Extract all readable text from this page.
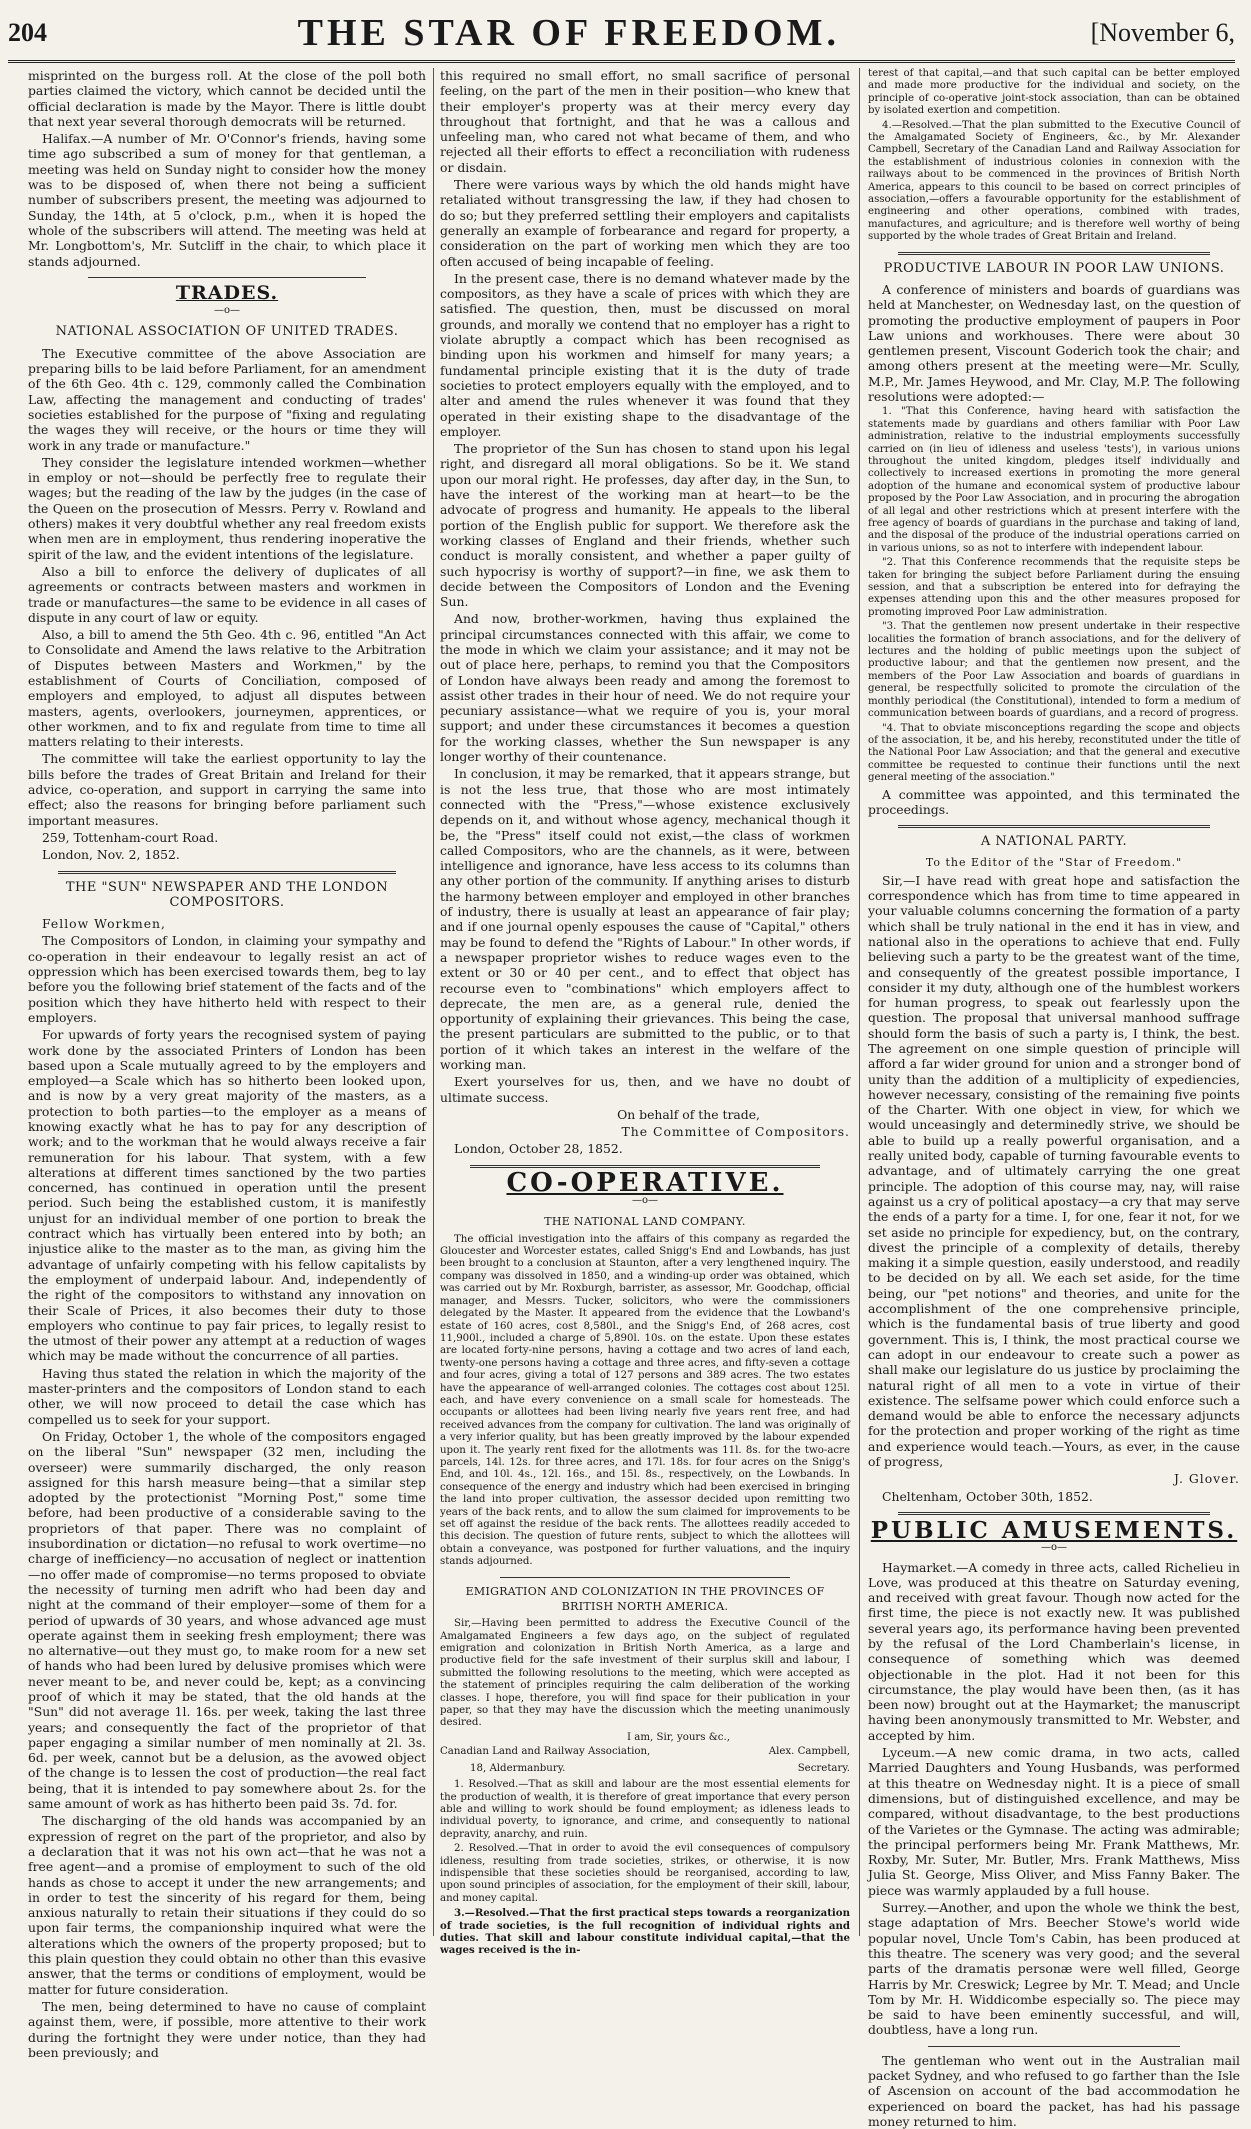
204	THE STAR OF FREEDOM.	[November 6,

misprinted on the burgess roll. At the close of the poll both parties claimed the victory, which cannot be decided until the official declaration is made by the Mayor. There is little doubt that next year several thorough democrats will be returned.

Halifax.—A number of Mr. O'Connor's friends, having some time ago subscribed a sum of money for that gentleman, a meeting was held on Sunday night to consider how the money was to be disposed of, when there not being a sufficient number of subscribers present, the meeting was adjourned to Sunday, the 14th, at 5 o'clock, p.m., when it is hoped the whole of the subscribers will attend. The meeting was held at Mr. Longbottom's, Mr. Sutcliff in the chair, to which place it stands adjourned.

TRADES.
—o—
NATIONAL ASSOCIATION OF UNITED TRADES.

The Executive committee of the above Association are preparing bills to be laid before Parliament, for an amendment of the 6th Geo. 4th c. 129, commonly called the Combination Law, affecting the management and conducting of trades' societies established for the purpose of "fixing and regulating the wages they will receive, or the hours or time they will work in any trade or manufacture."

They consider the legislature intended workmen—whether in employ or not—should be perfectly free to regulate their wages; but the reading of the law by the judges (in the case of the Queen on the prosecution of Messrs. Perry v. Rowland and others) makes it very doubtful whether any real freedom exists when men are in employment, thus rendering inoperative the spirit of the law, and the evident intentions of the legislature.

Also a bill to enforce the delivery of duplicates of all agreements or contracts between masters and workmen in trade or manufactures—the same to be evidence in all cases of dispute in any court of law or equity.

Also, a bill to amend the 5th Geo. 4th c. 96, entitled "An Act to Consolidate and Amend the laws relative to the Arbitration of Disputes between Masters and Workmen," by the establishment of Courts of Conciliation, composed of employers and employed, to adjust all disputes between masters, agents, overlookers, journeymen, apprentices, or other workmen, and to fix and regulate from time to time all matters relating to their interests.

The committee will take the earliest opportunity to lay the bills before the trades of Great Britain and Ireland for their advice, co-operation, and support in carrying the same into effect; also the reasons for bringing before parliament such important measures.

259, Tottenham-court Road.

London, Nov. 2, 1852.

THE "SUN" NEWSPAPER AND THE LONDON COMPOSITORS.

Fellow Workmen,

The Compositors of London, in claiming your sympathy and co-operation in their endeavour to legally resist an act of oppression which has been exercised towards them, beg to lay before you the following brief statement of the facts and of the position which they have hitherto held with respect to their employers.

For upwards of forty years the recognised system of paying work done by the associated Printers of London has been based upon a Scale mutually agreed to by the employers and employed—a Scale which has so hitherto been looked upon, and is now by a very great majority of the masters, as a protection to both parties—to the employer as a means of knowing exactly what he has to pay for any description of work; and to the workman that he would always receive a fair remuneration for his labour. That system, with a few alterations at different times sanctioned by the two parties concerned, has continued in operation until the present period. Such being the established custom, it is manifestly unjust for an individual member of one portion to break the contract which has virtually been entered into by both; an injustice alike to the master as to the man, as giving him the advantage of unfairly competing with his fellow capitalists by the employment of underpaid labour. And, independently of the right of the compositors to withstand any innovation on their Scale of Prices, it also becomes their duty to those employers who continue to pay fair prices, to legally resist to the utmost of their power any attempt at a reduction of wages which may be made without the concurrence of all parties.

Having thus stated the relation in which the majority of the master-printers and the compositors of London stand to each other, we will now proceed to detail the case which has compelled us to seek for your support.

On Friday, October 1, the whole of the compositors engaged on the liberal "Sun" newspaper (32 men, including the overseer) were summarily discharged, the only reason assigned for this harsh measure being—that a similar step adopted by the protectionist "Morning Post," some time before, had been productive of a considerable saving to the proprietors of that paper. There was no complaint of insubordination or dictation—no refusal to work overtime—no charge of inefficiency—no accusation of neglect or inattention—no offer made of compromise—no terms proposed to obviate the necessity of turning men adrift who had been day and night at the command of their employer—some of them for a period of upwards of 30 years, and whose advanced age must operate against them in seeking fresh employment; there was no alternative—out they must go, to make room for a new set of hands who had been lured by delusive promises which were never meant to be, and never could be, kept; as a convincing proof of which it may be stated, that the old hands at the "Sun" did not average 1l. 16s. per week, taking the last three years; and consequently the fact of the proprietor of that paper engaging a similar number of men nominally at 2l. 3s. 6d. per week, cannot but be a delusion, as the avowed object of the change is to lessen the cost of production—the real fact being, that it is intended to pay somewhere about 2s. for the same amount of work as has hitherto been paid 3s. 7d. for.

The discharging of the old hands was accompanied by an expression of regret on the part of the proprietor, and also by a declaration that it was not his own act—that he was not a free agent—and a promise of employment to such of the old hands as chose to accept it under the new arrangements; and in order to test the sincerity of his regard for them, being anxious naturally to retain their situations if they could do so upon fair terms, the companionship inquired what were the alterations which the owners of the property proposed; but to this plain question they could obtain no other than this evasive answer, that the terms or conditions of employment, would be matter for future consideration.

The men, being determined to have no cause of complaint against them, were, if possible, more attentive to their work during the fortnight they were under notice, than they had been previously; and

this required no small effort, no small sacrifice of personal feeling, on the part of the men in their position—who knew that their employer's property was at their mercy every day throughout that fortnight, and that he was a callous and unfeeling man, who cared not what became of them, and who rejected all their efforts to effect a reconciliation with rudeness or disdain.

There were various ways by which the old hands might have retaliated without transgressing the law, if they had chosen to do so; but they preferred settling their employers and capitalists generally an example of forbearance and regard for property, a consideration on the part of working men which they are too often accused of being incapable of feeling.

In the present case, there is no demand whatever made by the compositors, as they have a scale of prices with which they are satisfied. The question, then, must be discussed on moral grounds, and morally we contend that no employer has a right to violate abruptly a compact which has been recognised as binding upon his workmen and himself for many years; a fundamental principle existing that it is the duty of trade societies to protect employers equally with the employed, and to alter and amend the rules whenever it was found that they operated in their existing shape to the disadvantage of the employer.

The proprietor of the Sun has chosen to stand upon his legal right, and disregard all moral obligations. So be it. We stand upon our moral right. He professes, day after day, in the Sun, to have the interest of the working man at heart—to be the advocate of progress and humanity. He appeals to the liberal portion of the English public for support. We therefore ask the working classes of England and their friends, whether such conduct is morally consistent, and whether a paper guilty of such hypocrisy is worthy of support?—in fine, we ask them to decide between the Compositors of London and the Evening Sun.

And now, brother-workmen, having thus explained the principal circumstances connected with this affair, we come to the mode in which we claim your assistance; and it may not be out of place here, perhaps, to remind you that the Compositors of London have always been ready and among the foremost to assist other trades in their hour of need. We do not require your pecuniary assistance—what we require of you is, your moral support; and under these circumstances it becomes a question for the working classes, whether the Sun newspaper is any longer worthy of their countenance.

In conclusion, it may be remarked, that it appears strange, but is not the less true, that those who are most intimately connected with the "Press,"—whose existence exclusively depends on it, and without whose agency, mechanical though it be, the "Press" itself could not exist,—the class of workmen called Compositors, who are the channels, as it were, between intelligence and ignorance, have less access to its columns than any other portion of the community. If anything arises to disturb the harmony between employer and employed in other branches of industry, there is usually at least an appearance of fair play; and if one journal openly espouses the cause of "Capital," others may be found to defend the "Rights of Labour." In other words, if a newspaper proprietor wishes to reduce wages even to the extent or 30 or 40 per cent., and to effect that object has recourse even to "combinations" which employers affect to deprecate, the men are, as a general rule, denied the opportunity of explaining their grievances. This being the case, the present particulars are submitted to the public, or to that portion of it which takes an interest in the welfare of the working man.

Exert yourselves for us, then, and we have no doubt of ultimate success.

On behalf of the trade,

The Committee of Compositors.

London, October 28, 1852.

CO-OPERATIVE.
—o—
THE NATIONAL LAND COMPANY.

The official investigation into the affairs of this company as regarded the Gloucester and Worcester estates, called Snigg's End and Lowbands, has just been brought to a conclusion at Staunton, after a very lengthened inquiry. The company was dissolved in 1850, and a winding-up order was obtained, which was carried out by Mr. Roxburgh, barrister, as assessor, Mr. Goodchap, official manager, and Messrs. Tucker, solicitors, who were the commissioners delegated by the Master. It appeared from the evidence that the Lowband's estate of 160 acres, cost 8,580l., and the Snigg's End, of 268 acres, cost 11,900l., included a charge of 5,890l. 10s. on the estate. Upon these estates are located forty-nine persons, having a cottage and two acres of land each, twenty-one persons having a cottage and three acres, and fifty-seven a cottage and four acres, giving a total of 127 persons and 389 acres. The two estates have the appearance of well-arranged colonies. The cottages cost about 125l. each, and have every convenience on a small scale for homesteads. The occupants or allottees had been living nearly five years rent free, and had received advances from the company for cultivation. The land was originally of a very inferior quality, but has been greatly improved by the labour expended upon it. The yearly rent fixed for the allotments was 11l. 8s. for the two-acre parcels, 14l. 12s. for three acres, and 17l. 18s. for four acres on the Snigg's End, and 10l. 4s., 12l. 16s., and 15l. 8s., respectively, on the Lowbands. In consequence of the energy and industry which had been exercised in bringing the land into proper cultivation, the assessor decided upon remitting two years of the back rents, and to allow the sum claimed for improvements to be set off against the residue of the back rents. The allottees readily acceded to this decision. The question of future rents, subject to which the allottees will obtain a conveyance, was postponed for further valuations, and the inquiry stands adjourned.

EMIGRATION AND COLONIZATION IN THE PROVINCES OF BRITISH NORTH AMERICA.

Sir,—Having been permitted to address the Executive Council of the Amalgamated Engineers a few days ago, on the subject of regulated emigration and colonization in British North America, as a large and productive field for the safe investment of their surplus skill and labour, I submitted the following resolutions to the meeting, which were accepted as the statement of principles requiring the calm deliberation of the working classes. I hope, therefore, you will find space for their publication in your paper, so that they may have the discussion which the meeting unanimously desired.

I am, Sir, yours &c.,

Canadian Land and Railway Association,	Alex. Campbell,
18, Aldermanbury.	Secretary.

1. Resolved.—That as skill and labour are the most essential elements for the production of wealth, it is therefore of great importance that every person able and willing to work should be found employment; as idleness leads to individual poverty, to ignorance, and crime, and consequently to national depravity, anarchy, and ruin.

2. Resolved.—That in order to avoid the evil consequences of compulsory idleness, resulting from trade societies, strikes, or otherwise, it is now indispensible that these societies should be reorganised, according to law, upon sound principles of association, for the employment of their skill, labour, and money capital.

3.—Resolved.—That the first practical steps towards a reorganization of trade societies, is the full recognition of individual rights and duties. That skill and labour constitute individual capital,—that the wages received is the in-

terest of that capital,—and that such capital can be better employed and made more productive for the individual and society, on the principle of co-operative joint-stock association, than can be obtained by isolated exertion and competition.

4.—Resolved.—That the plan submitted to the Executive Council of the Amalgamated Society of Engineers, &c., by Mr. Alexander Campbell, Secretary of the Canadian Land and Railway Association for the establishment of industrious colonies in connexion with the railways about to be commenced in the provinces of British North America, appears to this council to be based on correct principles of association,—offers a favourable opportunity for the establishment of engineering and other operations, combined with trades, manufactures, and agriculture; and is therefore well worthy of being supported by the whole trades of Great Britain and Ireland.

PRODUCTIVE LABOUR IN POOR LAW UNIONS.

A conference of ministers and boards of guardians was held at Manchester, on Wednesday last, on the question of promoting the productive employment of paupers in Poor Law unions and workhouses. There were about 30 gentlemen present, Viscount Goderich took the chair; and among others present at the meeting were—Mr. Scully, M.P., Mr. James Heywood, and Mr. Clay, M.P. The following resolutions were adopted:—

1. "That this Conference, having heard with satisfaction the statements made by guardians and others familiar with Poor Law administration, relative to the industrial employments successfully carried on (in lieu of idleness and useless 'tests'), in various unions throughout the united kingdom, pledges itself individually and collectively to increased exertions in promoting the more general adoption of the humane and economical system of productive labour proposed by the Poor Law Association, and in procuring the abrogation of all legal and other restrictions which at present interfere with the free agency of boards of guardians in the purchase and taking of land, and the disposal of the produce of the industrial operations carried on in various unions, so as not to interfere with independent labour.

"2. That this Conference recommends that the requisite steps be taken for bringing the subject before Parliament during the ensuing session, and that a subscription be entered into for defraying the expenses attending upon this and the other measures proposed for promoting improved Poor Law administration.

"3. That the gentlemen now present undertake in their respective localities the formation of branch associations, and for the delivery of lectures and the holding of public meetings upon the subject of productive labour; and that the gentlemen now present, and the members of the Poor Law Association and boards of guardians in general, be respectfully solicited to promote the circulation of the monthly periodical (the Constitutional), intended to form a medium of communication between boards of guardians, and a record of progress.

"4. That to obviate misconceptions regarding the scope and objects of the association, it be, and his hereby, reconstituted under the title of the National Poor Law Association; and that the general and executive committee be requested to continue their functions until the next general meeting of the association."

A committee was appointed, and this terminated the proceedings.

A NATIONAL PARTY.

To the Editor of the "Star of Freedom."

Sir,—I have read with great hope and satisfaction the correspondence which has from time to time appeared in your valuable columns concerning the formation of a party which shall be truly national in the end it has in view, and national also in the operations to achieve that end. Fully believing such a party to be the greatest want of the time, and consequently of the greatest possible importance, I consider it my duty, although one of the humblest workers for human progress, to speak out fearlessly upon the question. The proposal that universal manhood suffrage should form the basis of such a party is, I think, the best. The agreement on one simple question of principle will afford a far wider ground for union and a stronger bond of unity than the addition of a multiplicity of expediencies, however necessary, consisting of the remaining five points of the Charter. With one object in view, for which we would unceasingly and determinedly strive, we should be able to build up a really powerful organisation, and a really united body, capable of turning favourable events to advantage, and of ultimately carrying the one great principle. The adoption of this course may, nay, will raise against us a cry of political apostacy—a cry that may serve the ends of a party for a time. I, for one, fear it not, for we set aside no principle for expediency, but, on the contrary, divest the principle of a complexity of details, thereby making it a simple question, easily understood, and readily to be decided on by all. We each set aside, for the time being, our "pet notions" and theories, and unite for the accomplishment of the one comprehensive principle, which is the fundamental basis of true liberty and good government. This is, I think, the most practical course we can adopt in our endeavour to create such a power as shall make our legislature do us justice by proclaiming the natural right of all men to a vote in virtue of their existence. The selfsame power which could enforce such a demand would be able to enforce the necessary adjuncts for the protection and proper working of the right as time and experience would teach.—Yours, as ever, in the cause of progress,

J. Glover.

Cheltenham, October 30th, 1852.

PUBLIC AMUSEMENTS.
—o—

Haymarket.—A comedy in three acts, called Richelieu in Love, was produced at this theatre on Saturday evening, and received with great favour. Though now acted for the first time, the piece is not exactly new. It was published several years ago, its performance having been prevented by the refusal of the Lord Chamberlain's license, in consequence of something which was deemed objectionable in the plot. Had it not been for this circumstance, the play would have been then, (as it has been now) brought out at the Haymarket; the manuscript having been anonymously transmitted to Mr. Webster, and accepted by him.

Lyceum.—A new comic drama, in two acts, called Married Daughters and Young Husbands, was performed at this theatre on Wednesday night. It is a piece of small dimensions, but of distinguished excellence, and may be compared, without disadvantage, to the best productions of the Varietes or the Gymnase. The acting was admirable; the principal performers being Mr. Frank Matthews, Mr. Roxby, Mr. Suter, Mr. Butler, Mrs. Frank Matthews, Miss Julia St. George, Miss Oliver, and Miss Fanny Baker. The piece was warmly applauded by a full house.

Surrey.—Another, and upon the whole we think the best, stage adaptation of Mrs. Beecher Stowe's world wide popular novel, Uncle Tom's Cabin, has been produced at this theatre. The scenery was very good; and the several parts of the dramatis personæ were well filled, George Harris by Mr. Creswick; Legree by Mr. T. Mead; and Uncle Tom by Mr. H. Widdicombe especially so. The piece may be said to have been eminently successful, and will, doubtless, have a long run.

The gentleman who went out in the Australian mail packet Sydney, and who refused to go farther than the Isle of Ascension on account of the bad accommodation he experienced on board the packet, has had his passage money returned to him.
